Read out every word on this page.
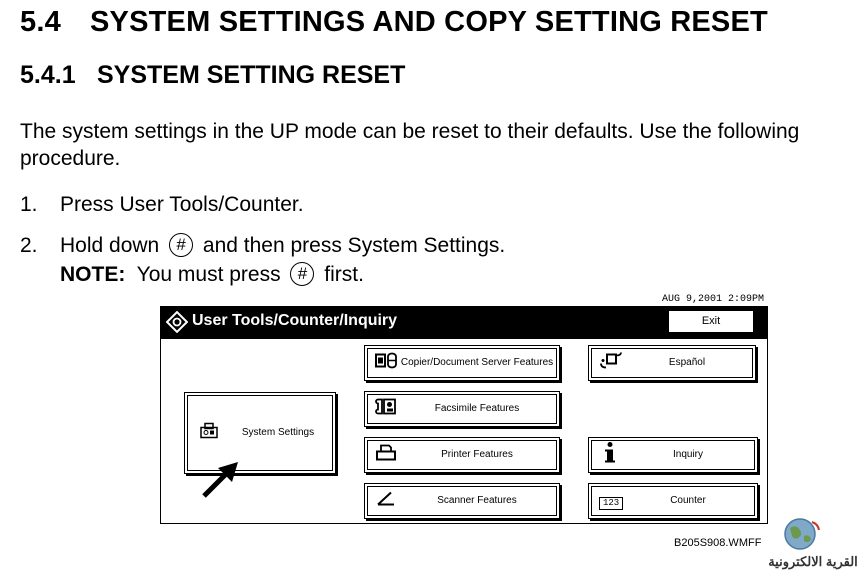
5.4 SYSTEM SETTINGS AND COPY SETTING RESET
5.4.1 SYSTEM SETTING RESET
The system settings in the UP mode can be reset to their defaults. Use the following procedure.
1. Press User Tools/Counter.
2. Hold down # and then press System Settings.
NOTE: You must press # first.
AUG 9,2001 2:09PM
User Tools/Counter/Inquiry	Exit
System Settings
Copier/Document Server Features
Facsimile Features
Printer Features
Scanner Features
Español
Inquiry
123	Counter
B205S908.WMFF
القرية الالكترونية
